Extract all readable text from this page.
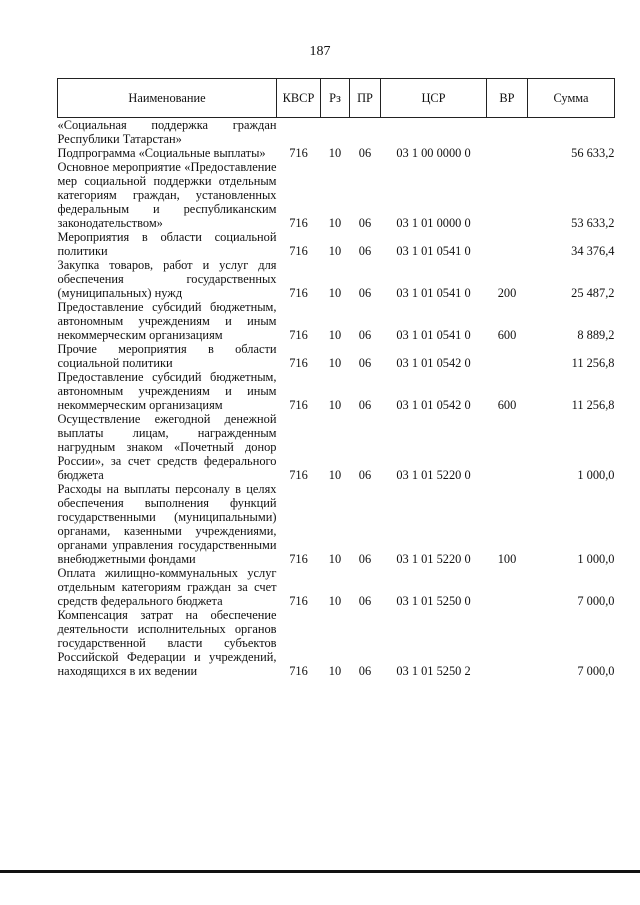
187
Наименование	КВСР	Рз	ПР	ЦСР	ВР	Сумма
«Социальная поддержка граждан Республики Татарстан»						
Подпрограмма «Социальные выплаты»	716	10	06	03 1 00 0000 0		56 633,2
Основное мероприятие «Предоставление мер социальной поддержки отдельным категориям граждан, установленных федеральным и республиканским законодательством»	716	10	06	03 1 01 0000 0		53 633,2
Мероприятия в области социальной политики	716	10	06	03 1 01 0541 0		34 376,4
Закупка товаров, работ и услуг для обеспечения государственных (муниципальных) нужд	716	10	06	03 1 01 0541 0	200	25 487,2
Предоставление субсидий бюджетным, автономным учреждениям и иным некоммерческим организациям	716	10	06	03 1 01 0541 0	600	8 889,2
Прочие мероприятия в области социальной политики	716	10	06	03 1 01 0542 0		11 256,8
Предоставление субсидий бюджетным, автономным учреждениям и иным некоммерческим организациям	716	10	06	03 1 01 0542 0	600	11 256,8
Осуществление ежегодной денежной выплаты лицам, награжденным нагрудным знаком «Почетный донор России», за счет средств федерального бюджета	716	10	06	03 1 01 5220 0		1 000,0
Расходы на выплаты персоналу в целях обеспечения выполнения функций государственными (муниципальными) органами, казенными учреждениями, органами управления государственными внебюджетными фондами	716	10	06	03 1 01 5220 0	100	1 000,0
Оплата жилищно-коммунальных услуг отдельным категориям граждан за счет средств федерального бюджета	716	10	06	03 1 01 5250 0		7 000,0
Компенсация затрат на обеспечение деятельности исполнительных органов государственной власти субъектов Российской Федерации и учреждений, находящихся в их ведении	716	10	06	03 1 01 5250 2		7 000,0
